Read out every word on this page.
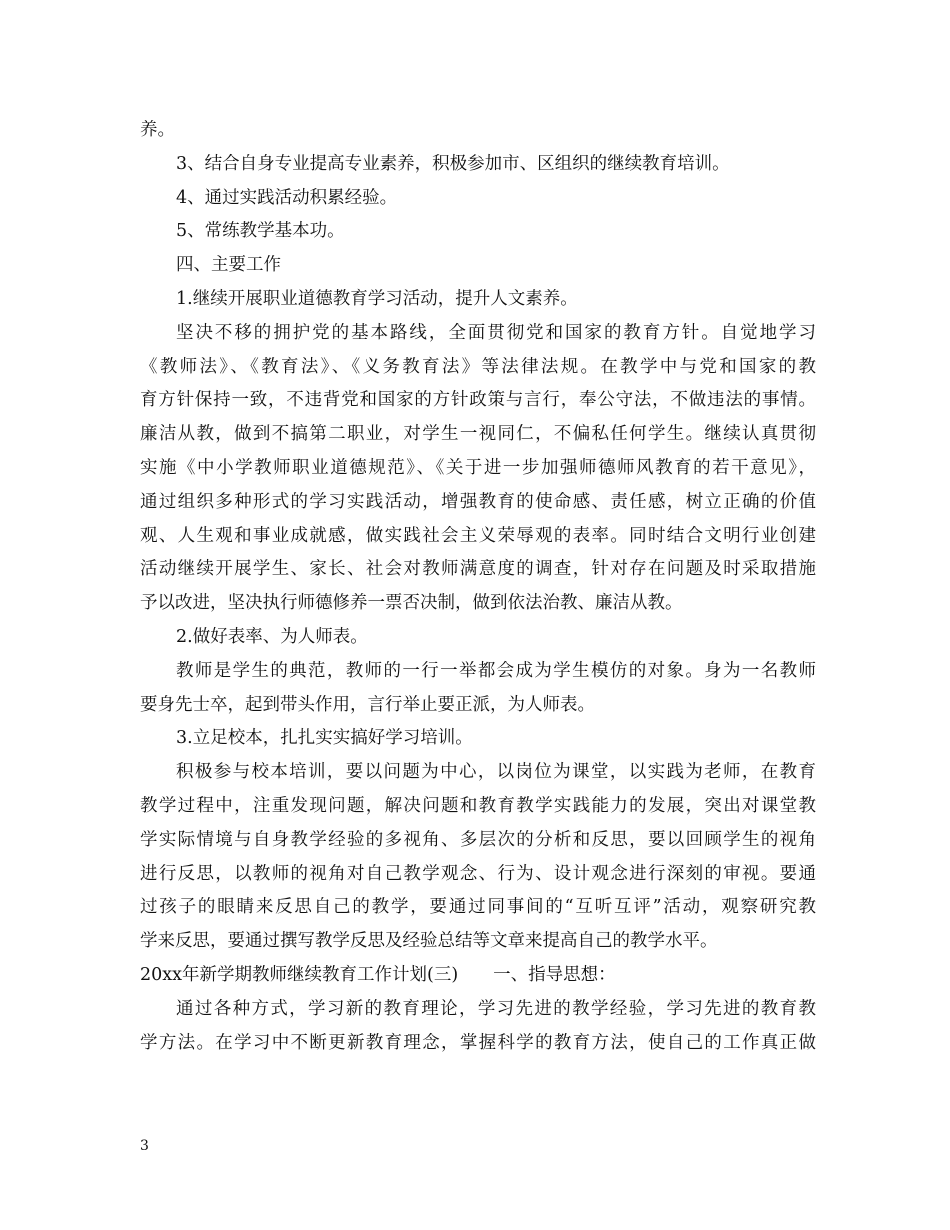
养。
3、结合自身专业提高专业素养，积极参加市、区组织的继续教育培训。
4、通过实践活动积累经验。
5、常练教学基本功。
四、主要工作
1.继续开展职业道德教育学习活动，提升人文素养。
坚决不移的拥护党的基本路线，全面贯彻党和国家的教育方针。自觉地学习
《教师法》、《教育法》、《义务教育法》等法律法规。在教学中与党和国家的教
育方针保持一致，不违背党和国家的方针政策与言行，奉公守法，不做违法的事情。
廉洁从教，做到不搞第二职业，对学生一视同仁，不偏私任何学生。继续认真贯彻
实施《中小学教师职业道德规范》、《关于进一步加强师德师风教育的若干意见》，
通过组织多种形式的学习实践活动，增强教育的使命感、责任感，树立正确的价值
观、人生观和事业成就感，做实践社会主义荣辱观的表率。同时结合文明行业创建
活动继续开展学生、家长、社会对教师满意度的调查，针对存在问题及时采取措施
予以改进，坚决执行师德修养一票否决制，做到依法治教、廉洁从教。
2.做好表率、为人师表。
教师是学生的典范，教师的一行一举都会成为学生模仿的对象。身为一名教师
要身先士卒，起到带头作用，言行举止要正派，为人师表。
3.立足校本，扎扎实实搞好学习培训。
积极参与校本培训，要以问题为中心，以岗位为课堂，以实践为老师，在教育
教学过程中，注重发现问题，解决问题和教育教学实践能力的发展，突出对课堂教
学实际情境与自身教学经验的多视角、多层次的分析和反思，要以回顾学生的视角
进行反思，以教师的视角对自己教学观念、行为、设计观念进行深刻的审视。要通
过孩子的眼睛来反思自己的教学，要通过同事间的“互听互评”活动，观察研究教
学来反思，要通过撰写教学反思及经验总结等文章来提高自己的教学水平。
20xx年新学期教师继续教育工作计划(三)　　一、指导思想：
通过各种方式，学习新的教育理论，学习先进的教学经验，学习先进的教育教
学方法。在学习中不断更新教育理念，掌握科学的教育方法，使自己的工作真正做
3
